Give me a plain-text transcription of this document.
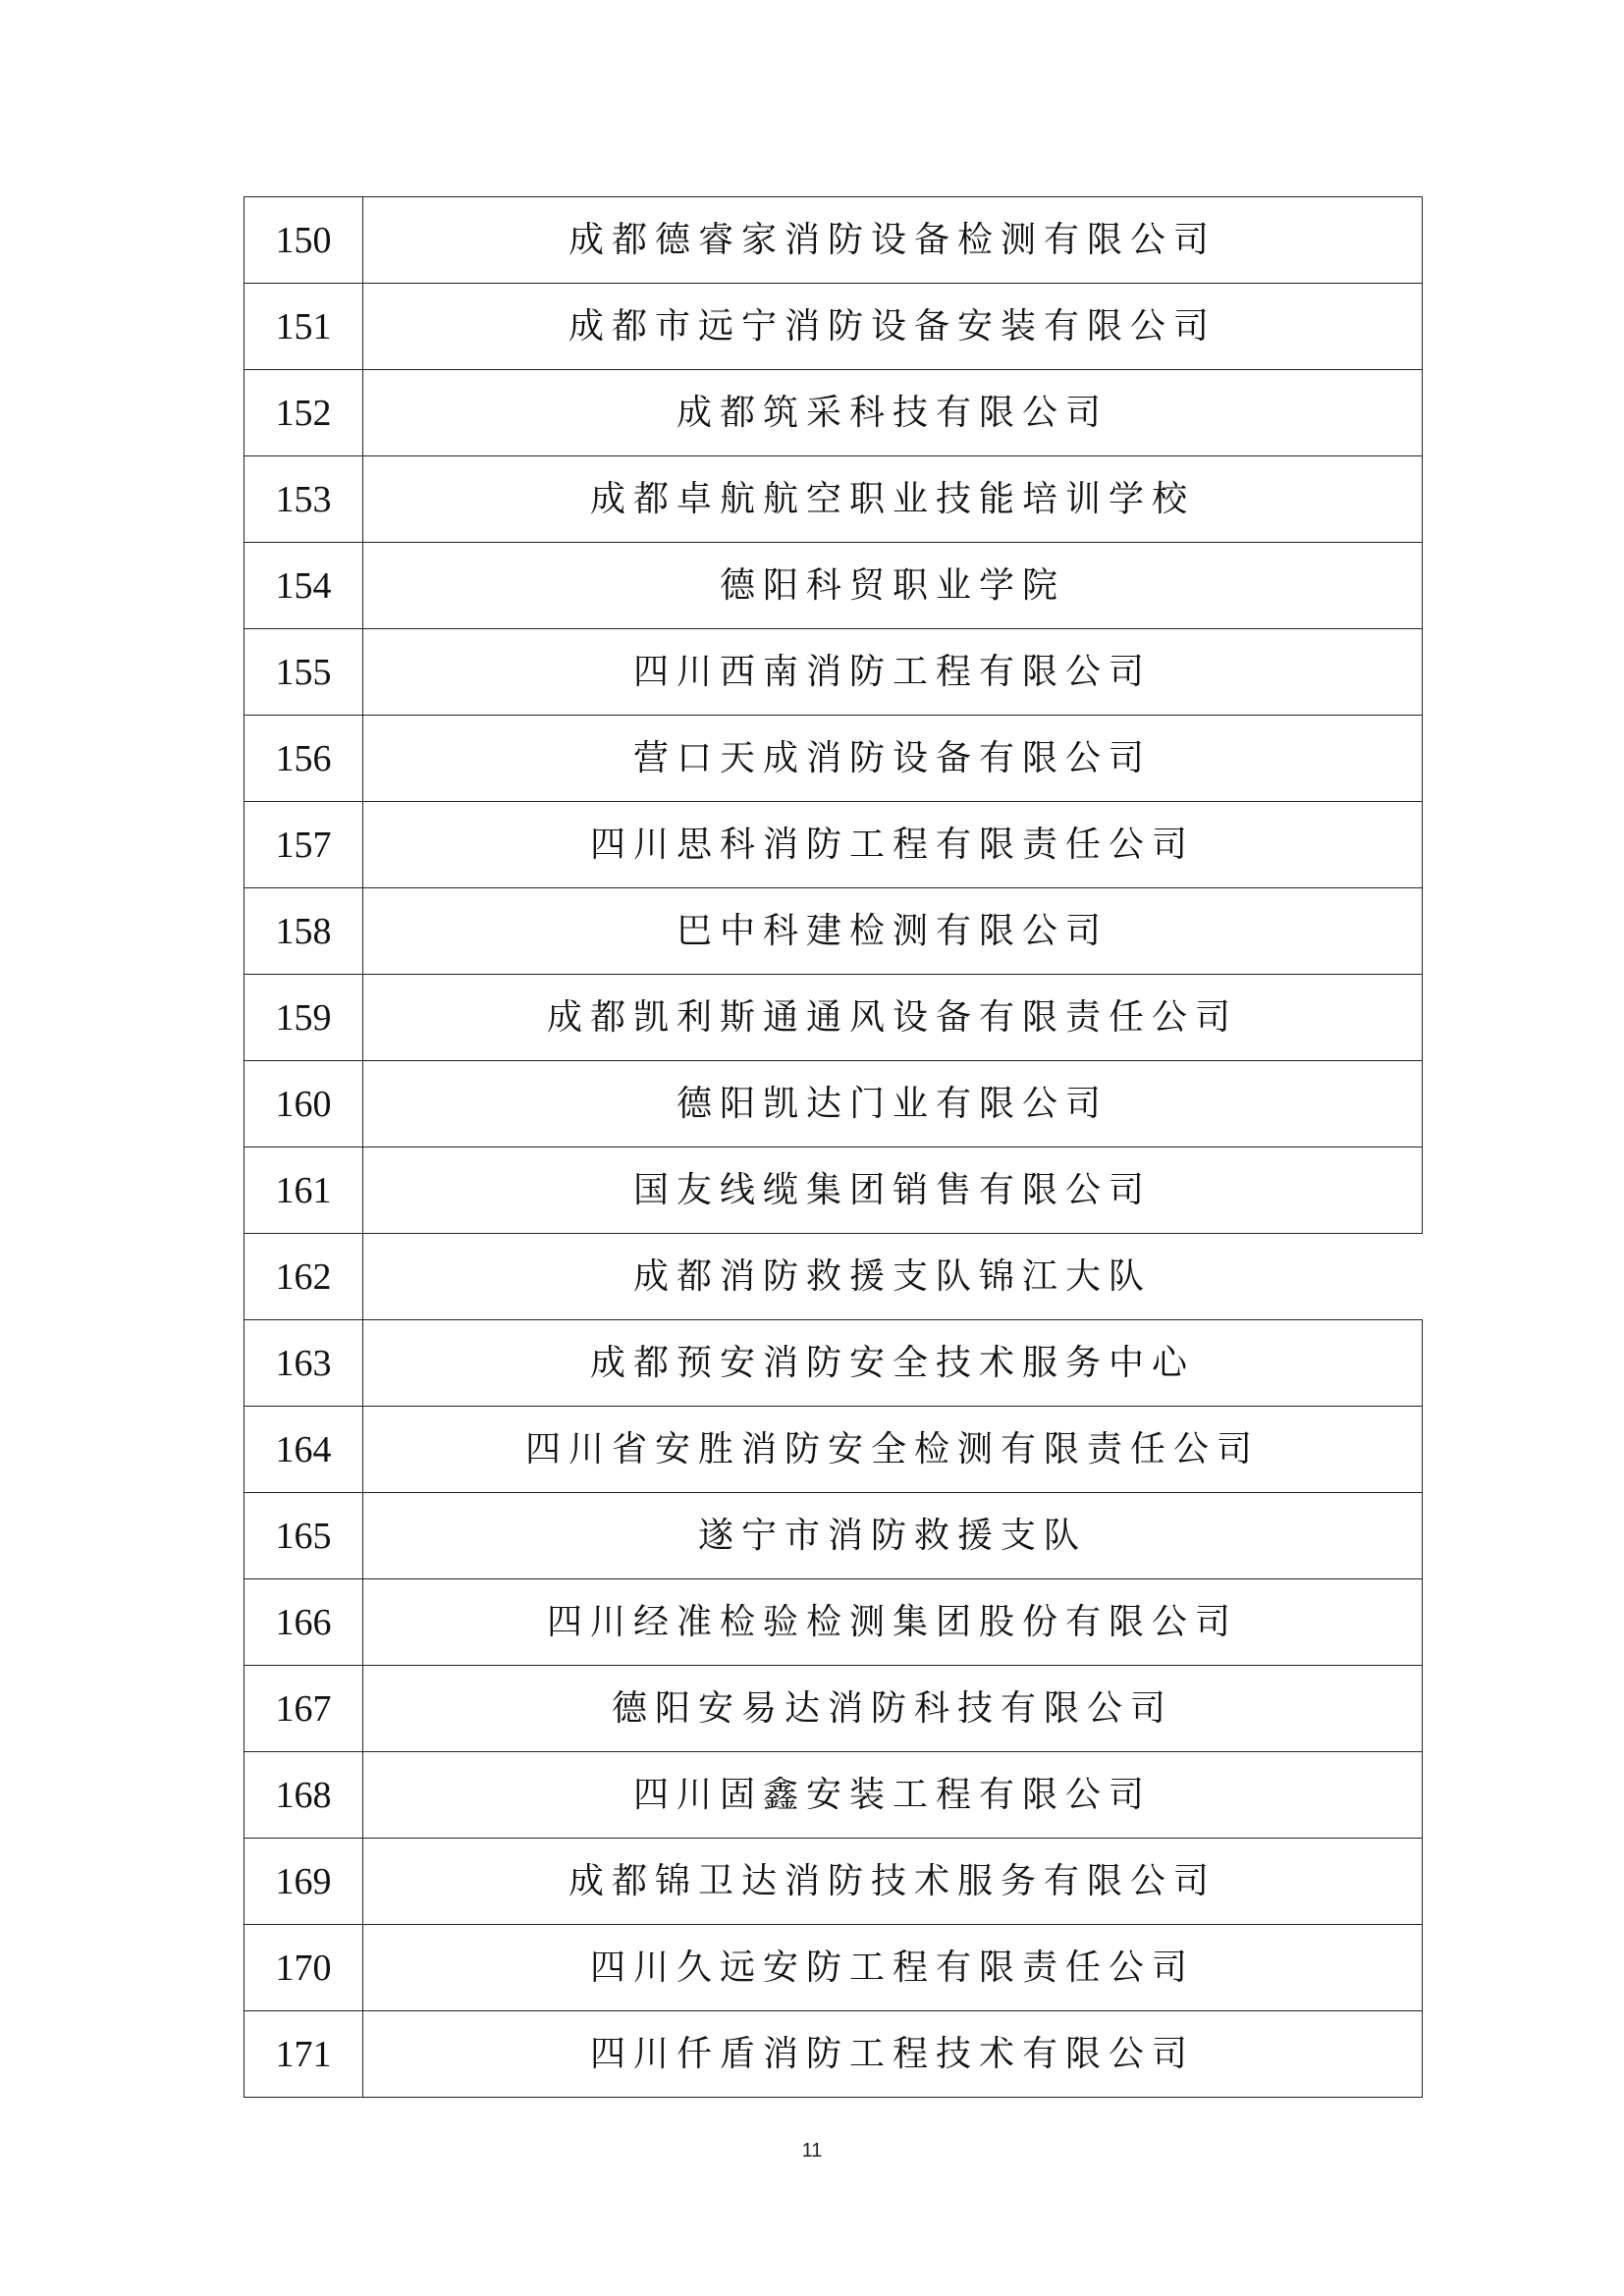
150	成都德睿家消防设备检测有限公司
151	成都市远宁消防设备安装有限公司
152	成都筑采科技有限公司
153	成都卓航航空职业技能培训学校
154	德阳科贸职业学院
155	四川西南消防工程有限公司
156	营口天成消防设备有限公司
157	四川思科消防工程有限责任公司
158	巴中科建检测有限公司
159	成都凯利斯通通风设备有限责任公司
160	德阳凯达门业有限公司
161	国友线缆集团销售有限公司
162	成都消防救援支队锦江大队
163	成都预安消防安全技术服务中心
164	四川省安胜消防安全检测有限责任公司
165	遂宁市消防救援支队
166	四川经准检验检测集团股份有限公司
167	德阳安易达消防科技有限公司
168	四川固鑫安装工程有限公司
169	成都锦卫达消防技术服务有限公司
170	四川久远安防工程有限责任公司
171	四川仟盾消防工程技术有限公司
11
